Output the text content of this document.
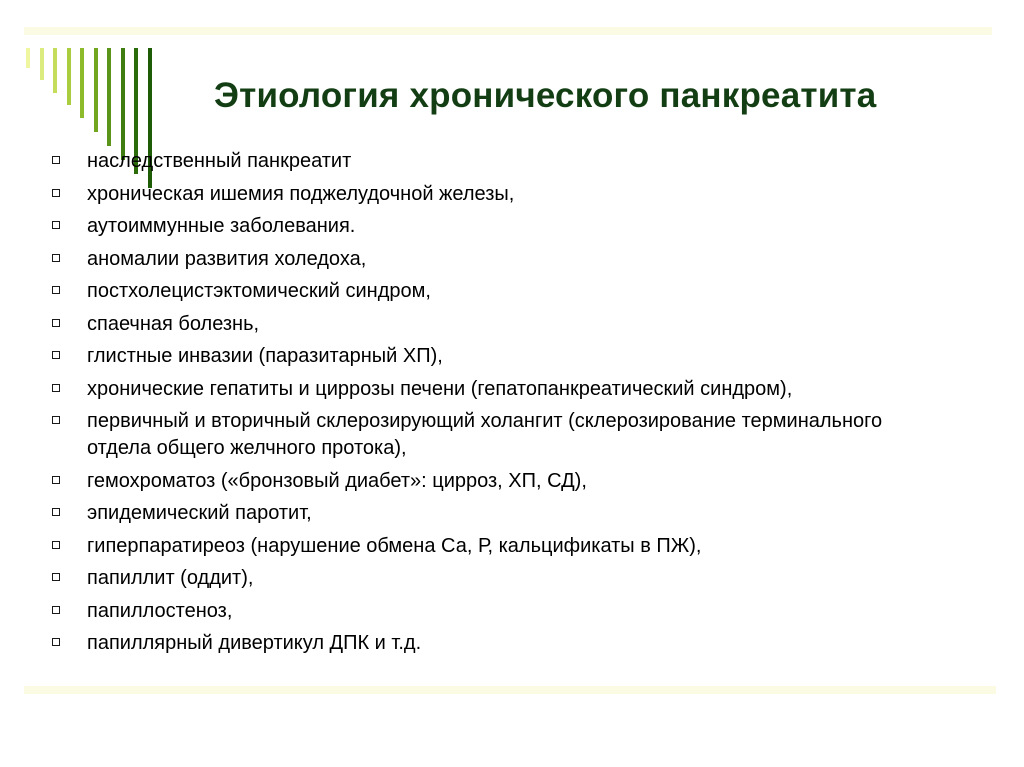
Этиология хронического панкреатита
наследственный панкреатит
хроническая ишемия поджелудочной железы,
аутоиммунные заболевания.
аномалии развития холедоха,
постхолецистэктомический синдром,
спаечная болезнь,
глистные инвазии (паразитарный ХП),
хронические гепатиты и циррозы печени (гепатопанкреатический синдром),
первичный и вторичный склерозирующий холангит (склерозирование терминального отдела общего желчного протока),
гемохроматоз («бронзовый диабет»: цирроз, ХП, СД),
эпидемический паротит,
гиперпаратиреоз (нарушение обмена Са, Р, кальцификаты в ПЖ),
папиллит (оддит),
папиллостеноз,
папиллярный дивертикул ДПК и т.д.
